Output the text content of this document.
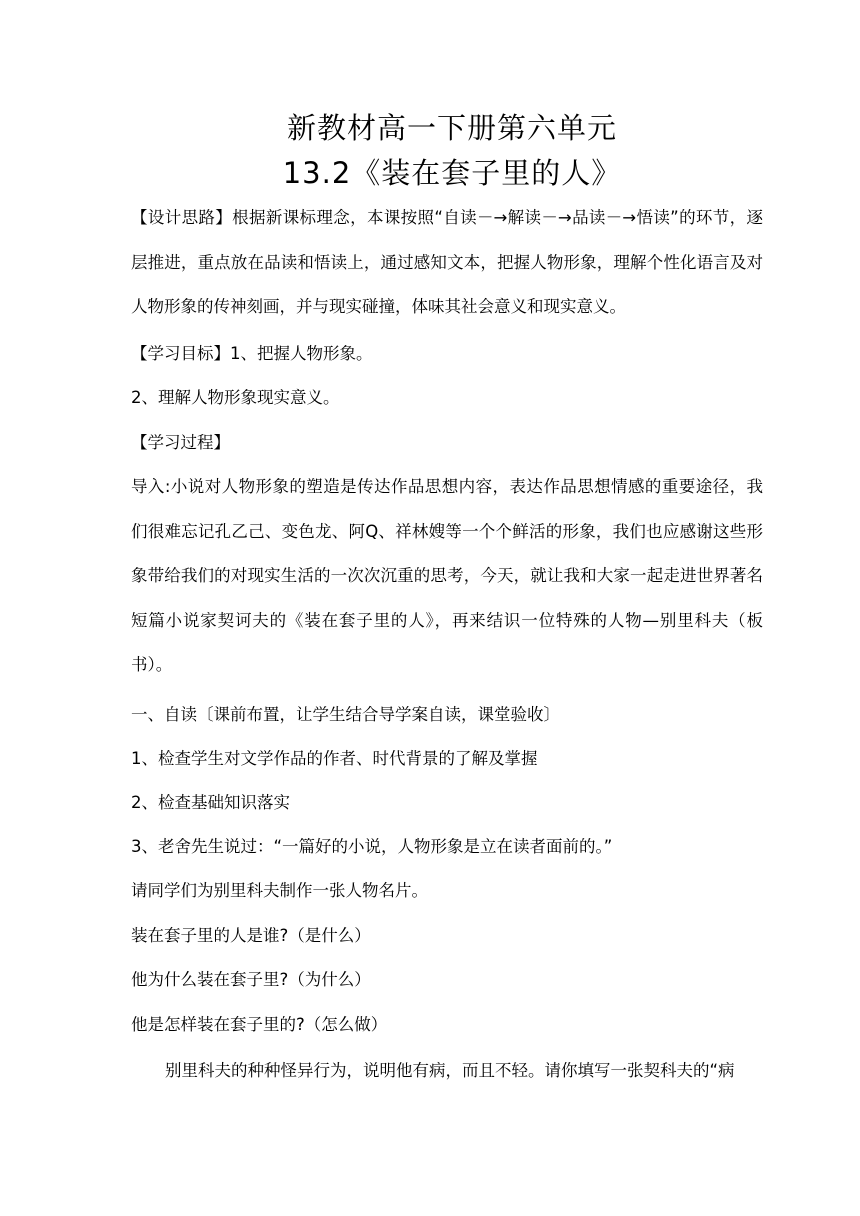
新教材高一下册第六单元
13.2《装在套子里的人》
【设计思路】根据新课标理念，本课按照“自读－→解读－→品读－→悟读”的环节，逐层推进，重点放在品读和悟读上，通过感知文本，把握人物形象，理解个性化语言及对人物形象的传神刻画，并与现实碰撞，体味其社会意义和现实意义。
【学习目标】1、把握人物形象。
2、理解人物形象现实意义。
【学习过程】
导入:小说对人物形象的塑造是传达作品思想内容，表达作品思想情感的重要途径，我们很难忘记孔乙己、变色龙、阿Q、祥林嫂等一个个鲜活的形象，我们也应感谢这些形象带给我们的对现实生活的一次次沉重的思考，今天，就让我和大家一起走进世界著名短篇小说家契诃夫的《装在套子里的人》，再来结识一位特殊的人物—别里科夫（板书）。
一、自读〔课前布置，让学生结合导学案自读，课堂验收〕
1、检查学生对文学作品的作者、时代背景的了解及掌握
2、检查基础知识落实
3、老舍先生说过：“一篇好的小说，人物形象是立在读者面前的。”
请同学们为别里科夫制作一张人物名片。
装在套子里的人是谁?（是什么）
他为什么装在套子里?（为什么）
他是怎样装在套子里的?（怎么做）
别里科夫的种种怪异行为，说明他有病，而且不轻。请你填写一张契科夫的“病
